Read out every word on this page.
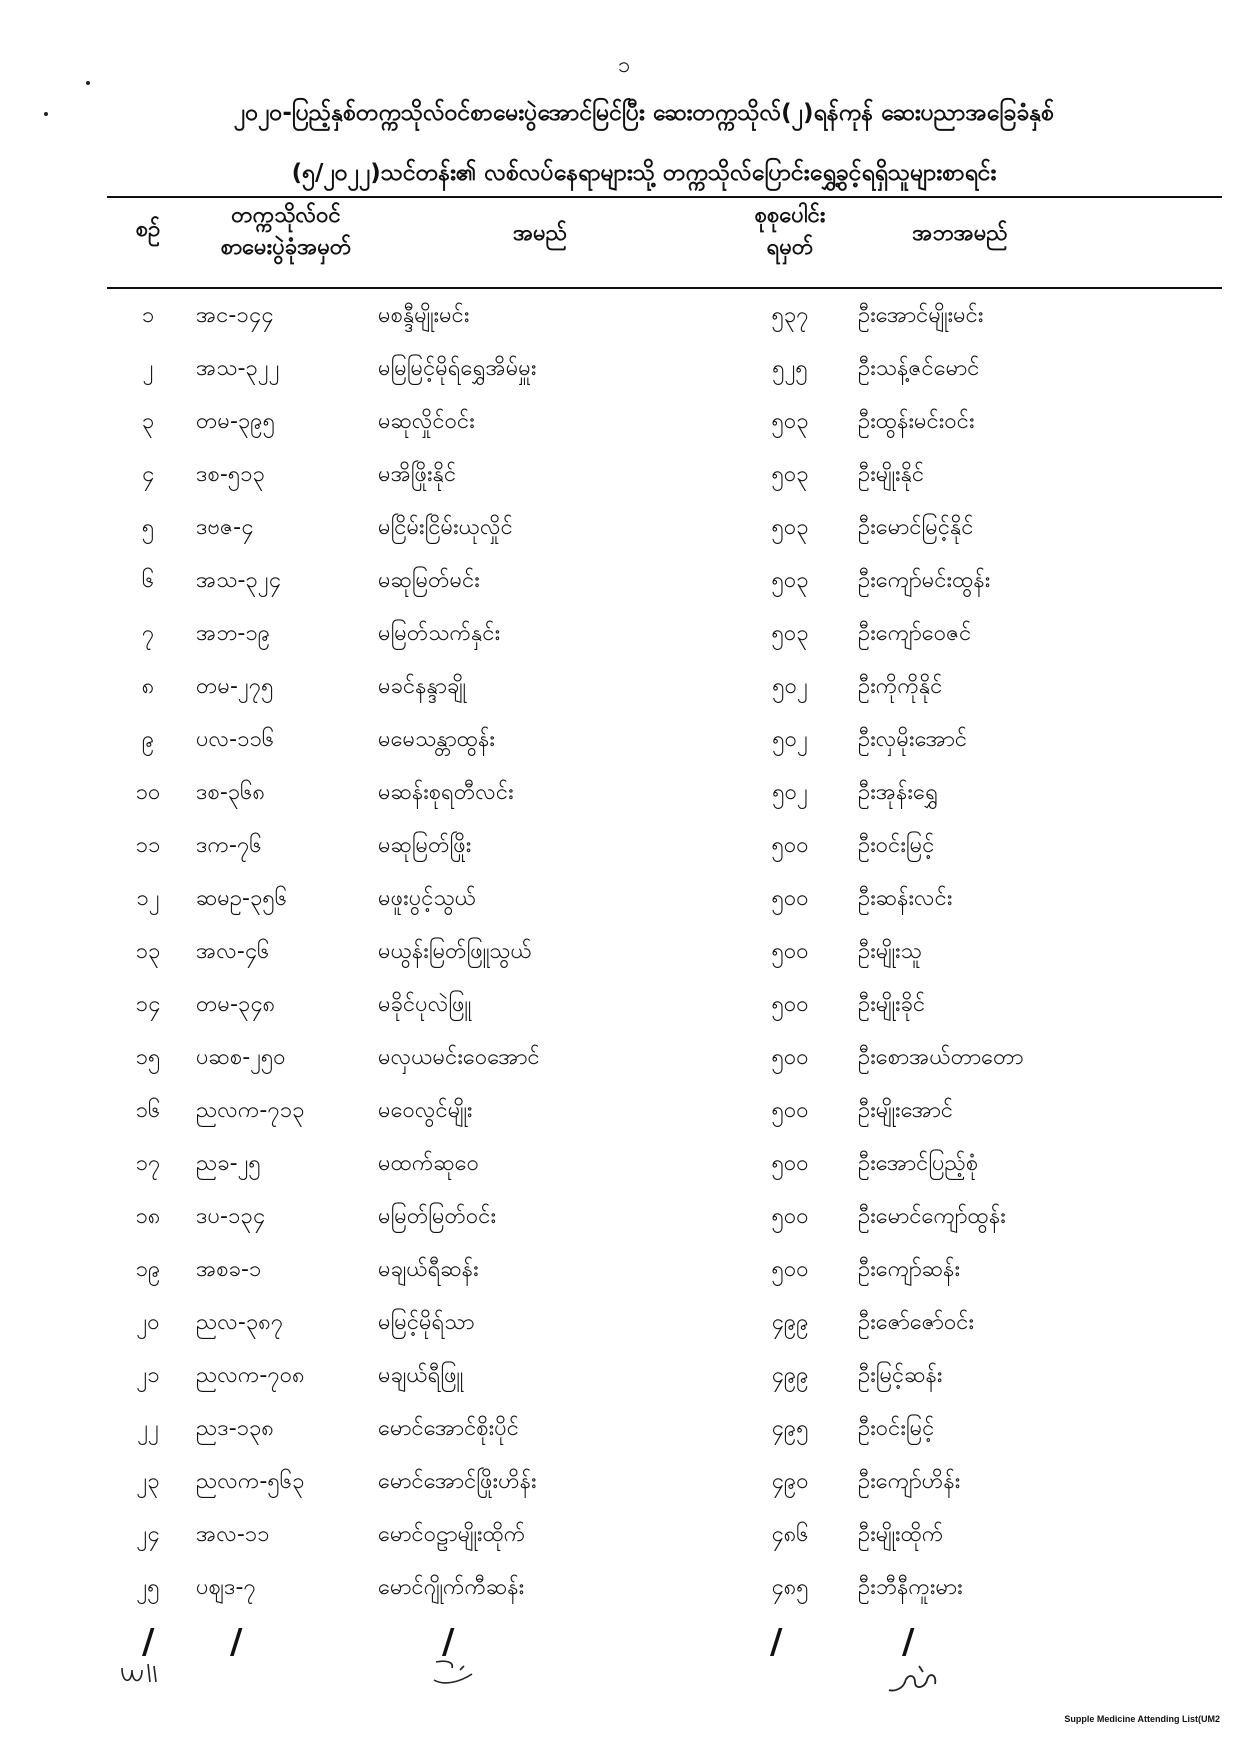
၁
၂၀၂၀-ပြည့်နှစ်တက္ကသိုလ်ဝင်စာမေးပွဲအောင်မြင်ပြီး ဆေးတက္ကသိုလ်(၂)ရန်ကုန် ဆေးပညာအခြေခံနှစ်
(၅/၂၀၂၂)သင်တန်း၏ လစ်လပ်နေရာများသို့ တက္ကသိုလ်ပြောင်းရွှေ့ခွင့်ရရှိသူများစာရင်း
စဉ်
တက္ကသိုလ်ဝင်
စာမေးပွဲခုံအမှတ်
အမည်
စုစုပေါင်း
ရမှတ်
အဘအမည်
၁	အင-၁၄၄	မစန္ဒီမျိုးမင်း	၅၃၇	ဦးအောင်မျိုးမင်း
၂	အသ-၃၂၂	မမြမြင့်မိုရ်ရွှေအိမ်မှူး	၅၂၅	ဦးသန့်ဇင်မောင်
၃	တမ-၃၉၅	မဆုလှိုင်ဝင်း	၅၀၃	ဦးထွန်းမင်းဝင်း
၄	ဒစ-၅၁၃	မအိဖြိုးနိုင်	၅၀၃	ဦးမျိုးနိုင်
၅	ဒဗဇ-၄	မငြိမ်းငြိမ်းယုလှိုင်	၅၀၃	ဦးမောင်မြင့်နိုင်
၆	အသ-၃၂၄	မဆုမြတ်မင်း	၅၀၃	ဦးကျော်မင်းထွန်း
၇	အဘ-၁၉	မမြတ်သက်နှင်း	၅၀၃	ဦးကျော်ဝေဇင်
၈	တမ-၂၇၅	မခင်နန္ဒာချို	၅၀၂	ဦးကိုကိုနိုင်
၉	ပလ-၁၁၆	မမေသန္တာထွန်း	၅၀၂	ဦးလှမိုးအောင်
၁၀	ဒစ-၃၆၈	မဆန်းစုရတီလင်း	၅၀၂	ဦးအုန်းရွှေ
၁၁	ဒက-၇၆	မဆုမြတ်ဖြိုး	၅၀၀	ဦးဝင်းမြင့်
၁၂	ဆမဥ-၃၅၆	မဖူးပွင့်သွယ်	၅၀၀	ဦးဆန်းလင်း
၁၃	အလ-၄၆	မယွန်းမြတ်ဖြူသွယ်	၅၀၀	ဦးမျိုးသူ
၁၄	တမ-၃၄၈	မခိုင်ပုလဲဖြူ	၅၀၀	ဦးမျိုးခိုင်
၁၅	ပဆစ-၂၅၀	မလှယမင်းဝေအောင်	၅၀၀	ဦးစောအယ်တာတော
၁၆	ညလက-၇၁၃	မဝေလွင်မျိုး	၅၀၀	ဦးမျိုးအောင်
၁၇	ညခ-၂၅	မထက်ဆုဝေ	၅၀၀	ဦးအောင်ပြည့်စုံ
၁၈	ဒပ-၁၃၄	မမြတ်မြတ်ဝင်း	၅၀၀	ဦးမောင်ကျော်ထွန်း
၁၉	အစခ-၁	မချယ်ရီဆန်း	၅၀၀	ဦးကျော်ဆန်း
၂၀	ညလ-၃၈၇	မမြင့်မိုရ်သာ	၄၉၉	ဦးဇော်ဇော်ဝင်း
၂၁	ညလက-၇၀၈	မချယ်ရီဖြူ	၄၉၉	ဦးမြင့်ဆန်း
၂၂	ညဒ-၁၃၈	မောင်အောင်စိုးပိုင်	၄၉၅	ဦးဝင်းမြင့်
၂၃	ညလက-၅၆၃	မောင်အောင်ဖြိုးဟိန်း	၄၉၀	ဦးကျော်ဟိန်း
၂၄	အလ-၁၁	မောင်ဝဠာမျိုးထိုက်	၄၈၆	ဦးမျိုးထိုက်
၂၅	ပဈဒ-၇	မောင်ဂျိုက်ကီဆန်း	၄၈၅	ဦးဘီနီကူးမား
/ /	/	/	/
Supple Medicine Attending List(UM2
